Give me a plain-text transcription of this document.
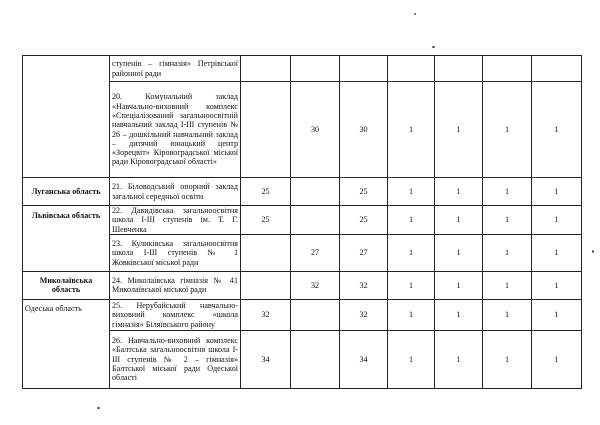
	ступенів – гімназія» Петрівської районної ради							
	20. Комунальний заклад «Навчально-виховний комплекс «Спеціалізований загальноосвітній навчальний заклад І-ІІІ ступенів № 26 – дошкільний навчальний заклад – дитячий юнацький центр «Зорецвіт» Кіровоградської міської ради Кіровоградської області»		30	30	1	1	1	1
Луганська область	21. Біловодський опорний заклад загальної середньої освіти	25		25	1	1	1	1
Львівська область	22. Давидівська загальноосвітня школа І-ІІІ ступенів ім. Т. Г. Шевченка	25		25	1	1	1	1
	23. Куликівська загальноосвітня школа І-ІІІ ступенів № 1 Жовківської міської ради		27	27	1	1	1	1
Миколаївська область	24. Миколаївська гімназія № 41 Миколаївської міської ради		32	32	1	1	1	1
Одеська область	25. Нерубайський навчально-виховний комплекс «школа гімназія» Біляївського району	32		32	1	1	1	1
	26. Навчально-виховний комплекс «Балтська загальноосвітня школа І-ІІІ ступенів № 2 – гімназія» Балтської міської ради Одеської області	34		34	1	1	1	1
